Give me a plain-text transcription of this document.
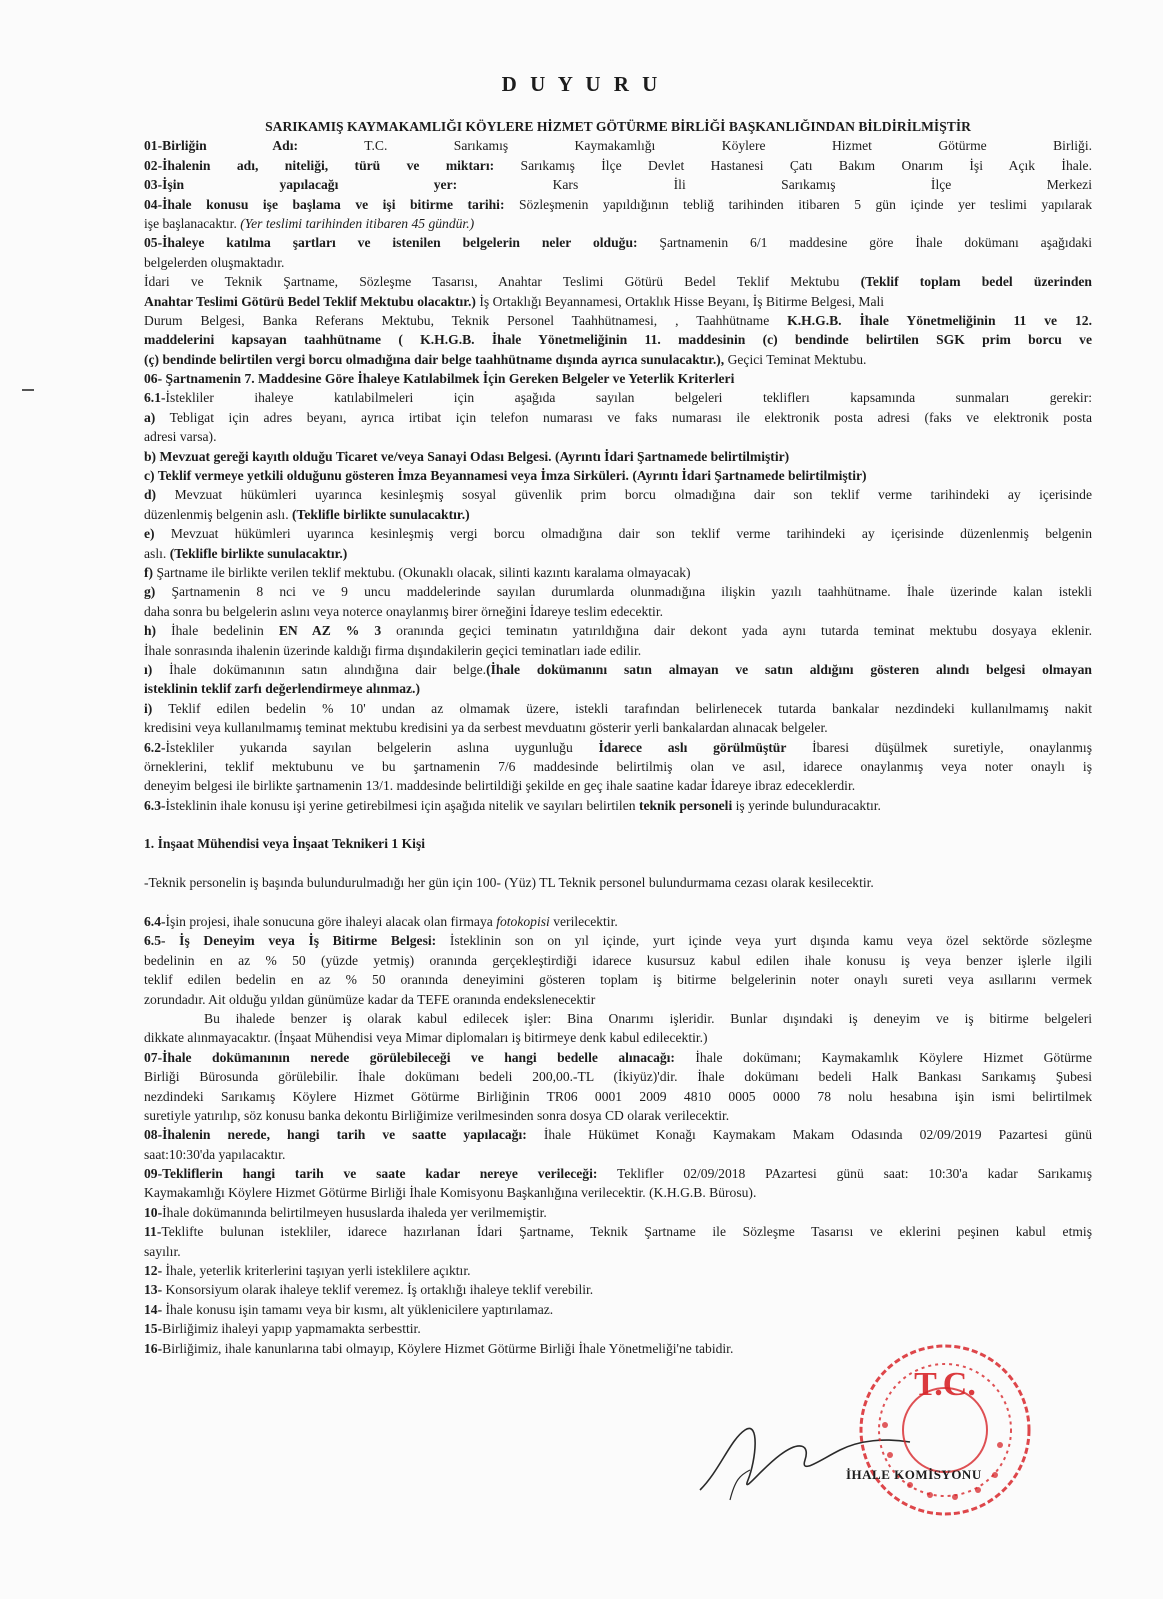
D U Y U R U
SARIKAMIŞ KAYMAKAMLIĞI KÖYLERE HİZMET GÖTÜRME BİRLİĞİ BAŞKANLIĞINDAN BİLDİRİLMİŞTİR
01-Birliğin Adı: T.C. Sarıkamış Kaymakamlığı Köylere Hizmet Götürme Birliği.
02-İhalenin adı, niteliği, türü ve miktarı: Sarıkamış İlçe Devlet Hastanesi Çatı Bakım Onarım İşi Açık İhale.
03-İşin yapılacağı yer: Kars İli Sarıkamış İlçe Merkezi
04-İhale konusu işe başlama ve işi bitirme tarihi: Sözleşmenin yapıldığının tebliğ tarihinden itibaren 5 gün içinde yer teslimi yapılarak
işe başlanacaktır. (Yer teslimi tarihinden itibaren 45 gündür.)
05-İhaleye katılma şartları ve istenilen belgelerin neler olduğu: Şartnamenin 6/1 maddesine göre İhale dokümanı aşağıdaki
belgelerden oluşmaktadır.
İdari ve Teknik Şartname, Sözleşme Tasarısı, Anahtar Teslimi Götürü Bedel Teklif Mektubu (Teklif toplam bedel üzerinden
Anahtar Teslimi Götürü Bedel Teklif Mektubu olacaktır.) İş Ortaklığı Beyannamesi, Ortaklık Hisse Beyanı, İş Bitirme Belgesi, Mali
Durum Belgesi, Banka Referans Mektubu, Teknik Personel Taahhütnamesi, , Taahhütname K.H.G.B. İhale Yönetmeliğinin 11 ve 12.
maddelerini kapsayan taahhütname ( K.H.G.B. İhale Yönetmeliğinin 11. maddesinin (c) bendinde belirtilen SGK prim borcu ve
(ç) bendinde belirtilen vergi borcu olmadığına dair belge taahhütname dışında ayrıca sunulacaktır.), Geçici Teminat Mektubu.
06- Şartnamenin 7. Maddesine Göre İhaleye Katılabilmek İçin Gereken Belgeler ve Yeterlik Kriterleri
6.1-İstekliler ihaleye katılabilmeleri için aşağıda sayılan belgeleri tekliflerı kapsamında sunmaları gerekir:
a) Tebligat için adres beyanı, ayrıca irtibat için telefon numarası ve faks numarası ile elektronik posta adresi (faks ve elektronik posta
adresi varsa).
b) Mevzuat gereği kayıtlı olduğu Ticaret ve/veya Sanayi Odası Belgesi. (Ayrıntı İdari Şartnamede belirtilmiştir)
c) Teklif vermeye yetkili olduğunu gösteren İmza Beyannamesi veya İmza Sirküleri. (Ayrıntı İdari Şartnamede belirtilmiştir)
d) Mevzuat hükümleri uyarınca kesinleşmiş sosyal güvenlik prim borcu olmadığına dair son teklif verme tarihindeki ay içerisinde
düzenlenmiş belgenin aslı. (Teklifle birlikte sunulacaktır.)
e) Mevzuat hükümleri uyarınca kesinleşmiş vergi borcu olmadığına dair son teklif verme tarihindeki ay içerisinde düzenlenmiş belgenin
aslı. (Teklifle birlikte sunulacaktır.)
f) Şartname ile birlikte verilen teklif mektubu. (Okunaklı olacak, silinti kazıntı karalama olmayacak)
g) Şartnamenin 8 nci ve 9 uncu maddelerinde sayılan durumlarda olunmadığına ilişkin yazılı taahhütname. İhale üzerinde kalan istekli
daha sonra bu belgelerin aslını veya noterce onaylanmış birer örneğini İdareye teslim edecektir.
h) İhale bedelinin EN AZ % 3 oranında geçici teminatın yatırıldığına dair dekont yada aynı tutarda teminat mektubu dosyaya eklenir.
İhale sonrasında ihalenin üzerinde kaldığı firma dışındakilerin geçici teminatları iade edilir.
ı) İhale dokümanının satın alındığına dair belge.(İhale dokümanını satın almayan ve satın aldığını gösteren alındı belgesi olmayan
isteklinin teklif zarfı değerlendirmeye alınmaz.)
i) Teklif edilen bedelin % 10' undan az olmamak üzere, istekli tarafından belirlenecek tutarda bankalar nezdindeki kullanılmamış nakit
kredisini veya kullanılmamış teminat mektubu kredisini ya da serbest mevduatını gösterir yerli bankalardan alınacak belgeler.
6.2-İstekliler yukarıda sayılan belgelerin aslına uygunluğu İdarece aslı görülmüştür İbaresi düşülmek suretiyle, onaylanmış
örneklerini, teklif mektubunu ve bu şartnamenin 7/6 maddesinde belirtilmiş olan ve asıl, idarece onaylanmış veya noter onaylı iş
deneyim belgesi ile birlikte şartnamenin 13/1. maddesinde belirtildiği şekilde en geç ihale saatine kadar İdareye ibraz edeceklerdir.
6.3-İsteklinin ihale konusu işi yerine getirebilmesi için aşağıda nitelik ve sayıları belirtilen teknik personeli iş yerinde bulunduracaktır.
1. İnşaat Mühendisi veya İnşaat Teknikeri 1 Kişi
-Teknik personelin iş başında bulundurulmadığı her gün için 100- (Yüz) TL Teknik personel bulundurmama cezası olarak kesilecektir.
6.4-İşin projesi, ihale sonucuna göre ihaleyi alacak olan firmaya fotokopisi verilecektir.
6.5- İş Deneyim veya İş Bitirme Belgesi: İsteklinin son on yıl içinde, yurt içinde veya yurt dışında kamu veya özel sektörde sözleşme
bedelinin en az % 50 (yüzde yetmiş) oranında gerçekleştirdiği idarece kusursuz kabul edilen ihale konusu iş veya benzer işlerle ilgili
teklif edilen bedelin en az % 50 oranında deneyimini gösteren toplam iş bitirme belgelerinin noter onaylı sureti veya asıllarını vermek
zorundadır. Ait olduğu yıldan günümüze kadar da TEFE oranında endekslenecektir
Bu ihalede benzer iş olarak kabul edilecek işler: Bina Onarımı işleridir. Bunlar dışındaki iş deneyim ve iş bitirme belgeleri
dikkate alınmayacaktır. (İnşaat Mühendisi veya Mimar diplomaları iş bitirmeye denk kabul edilecektir.)
07-İhale dokümanının nerede görülebileceği ve hangi bedelle alınacağı: İhale dokümanı; Kaymakamlık Köylere Hizmet Götürme
Birliği Bürosunda görülebilir. İhale dokümanı bedeli 200,00.-TL (İkiyüz)'dir. İhale dokümanı bedeli Halk Bankası Sarıkamış Şubesi
nezdindeki Sarıkamış Köylere Hizmet Götürme Birliğinin TR06 0001 2009 4810 0005 0000 78 nolu hesabına işin ismi belirtilmek
suretiyle yatırılıp, söz konusu banka dekontu Birliğimize verilmesinden sonra dosya CD olarak verilecektir.
08-İhalenin nerede, hangi tarih ve saatte yapılacağı: İhale Hükümet Konağı Kaymakam Makam Odasında 02/09/2019 Pazartesi günü
saat:10:30'da yapılacaktır.
09-Tekliflerin hangi tarih ve saate kadar nereye verileceği: Teklifler 02/09/2018 PAzartesi günü saat: 10:30'a kadar Sarıkamış
Kaymakamlığı Köylere Hizmet Götürme Birliği İhale Komisyonu Başkanlığına verilecektir. (K.H.G.B. Bürosu).
10-İhale dokümanında belirtilmeyen hususlarda ihaleda yer verilmemiştir.
11-Teklifte bulunan istekliler, idarece hazırlanan İdari Şartname, Teknik Şartname ile Sözleşme Tasarısı ve eklerini peşinen kabul etmiş
sayılır.
12- İhale, yeterlik kriterlerini taşıyan yerli isteklilere açıktır.
13- Konsorsiyum olarak ihaleye teklif veremez. İş ortaklığı ihaleye teklif verebilir.
14- İhale konusu işin tamamı veya bir kısmı, alt yüklenicilere yaptırılamaz.
15-Birliğimiz ihaleyi yapıp yapmamakta serbesttir.
16-Birliğimiz, ihale kanunlarına tabi olmayıp, Köylere Hizmet Götürme Birliği İhale Yönetmeliği'ne tabidir.
T.C.
İHALE KOMİSYONU
